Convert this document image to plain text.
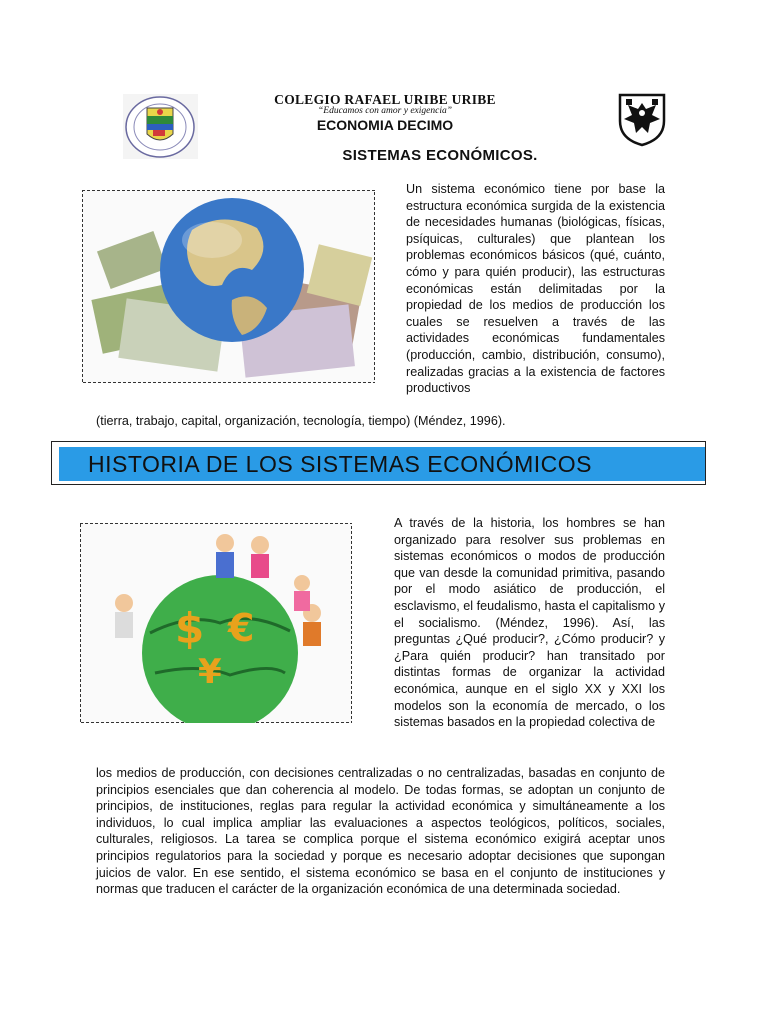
COLEGIO RAFAEL URIBE URIBE
“Educamos con amor y exigencia”
ECONOMIA DECIMO
SISTEMAS ECONÓMICOS.
Un sistema económico tiene por base la estructura económica surgida de la existencia de necesidades humanas (biológicas, físicas, psíquicas, culturales) que plantean los problemas económicos básicos (qué, cuánto, cómo y para quién producir), las estructuras económicas están delimitadas por la propiedad de los medios de producción los cuales se resuelven a través de las actividades económicas fundamentales (producción, cambio, distribución, consumo), realizadas gracias a la existencia de factores productivos
(tierra, trabajo, capital, organización, tecnología, tiempo) (Méndez, 1996).
HISTORIA DE LOS SISTEMAS ECONÓMICOS
$ €
¥
A través de la historia, los hombres se han organizado para resolver sus problemas en sistemas económicos o modos de producción que van desde la comunidad primitiva, pasando por el modo asiático de producción, el esclavismo, el feudalismo, hasta el capitalismo y el socialismo. (Méndez, 1996). Así, las preguntas ¿Qué producir?, ¿Cómo producir? y ¿Para quién producir? han transitado por distintas formas de organizar la actividad económica, aunque en el siglo XX y XXI los modelos son la economía de mercado, o los sistemas basados en la propiedad colectiva de
los medios de producción, con decisiones centralizadas o no centralizadas, basadas en conjunto de principios esenciales que dan coherencia al modelo. De todas formas, se adoptan un conjunto de principios, de instituciones, reglas para regular la actividad económica y simultáneamente a los individuos, lo cual implica ampliar las evaluaciones a aspectos teológicos, políticos, sociales, culturales, religiosos. La tarea se complica porque el sistema económico exigirá aceptar unos principios regulatorios para la sociedad y porque es necesario adoptar decisiones que supongan juicios de valor. En ese sentido, el sistema económico se basa en el conjunto de instituciones y normas que traducen el carácter de la organización económica de una determinada sociedad.
